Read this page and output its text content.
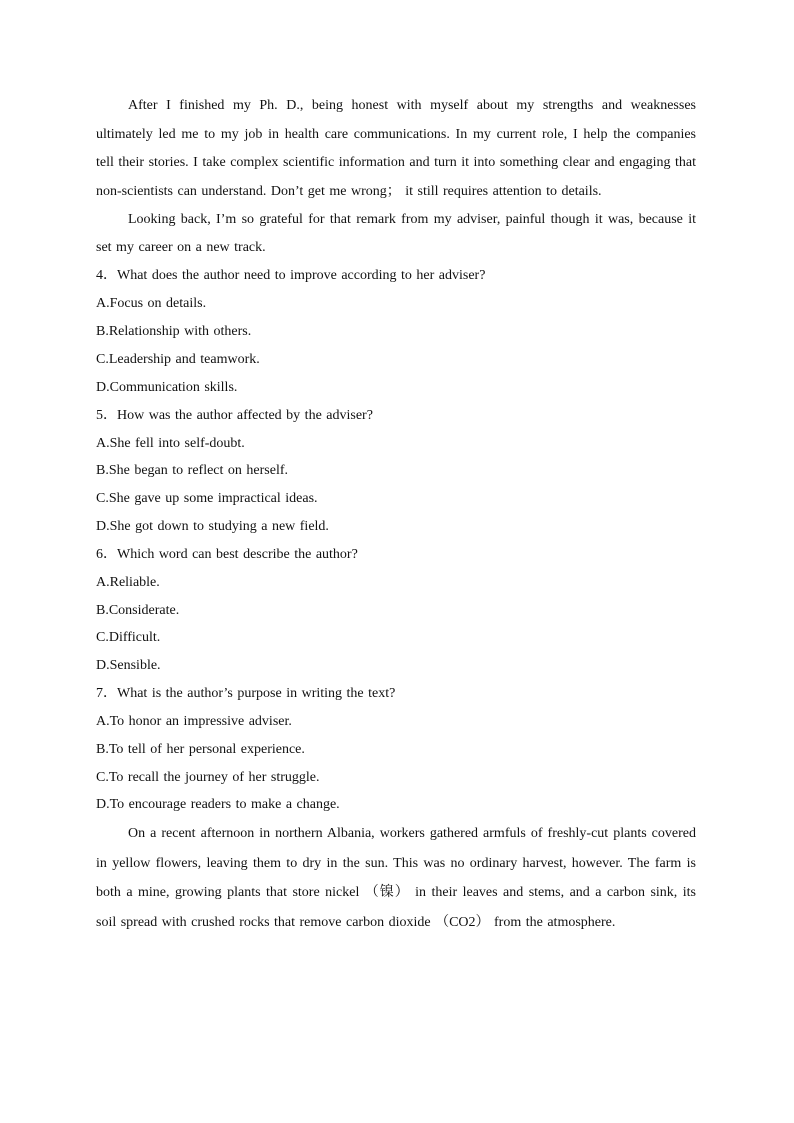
After I finished my Ph. D., being honest with myself about my strengths and weaknesses ultimately led me to my job in health care communications. In my current role, I help the companies tell their stories. I take complex scientific information and turn it into something clear and engaging that non-scientists can understand. Don’t get me wrong； it still requires attention to details.

Looking back, I’m so grateful for that remark from my adviser, painful though it was, because it set my career on a new track.

4．What does the author need to improve according to her adviser?

A.Focus on details.

B.Relationship with others.

C.Leadership and teamwork.

D.Communication skills.

5．How was the author affected by the adviser?

A.She fell into self-doubt.

B.She began to reflect on herself.

C.She gave up some impractical ideas.

D.She got down to studying a new field.

6．Which word can best describe the author?

A.Reliable.

B.Considerate.

C.Difficult.

D.Sensible.

7．What is the author’s purpose in writing the text?

A.To honor an impressive adviser.

B.To tell of her personal experience.

C.To recall the journey of her struggle.

D.To encourage readers to make a change.

On a recent afternoon in northern Albania, workers gathered armfuls of freshly-cut plants covered in yellow flowers, leaving them to dry in the sun. This was no ordinary harvest, however. The farm is both a mine, growing plants that store nickel （镍） in their leaves and stems, and a carbon sink, its soil spread with crushed rocks that remove carbon dioxide （CO2） from the atmosphere.
